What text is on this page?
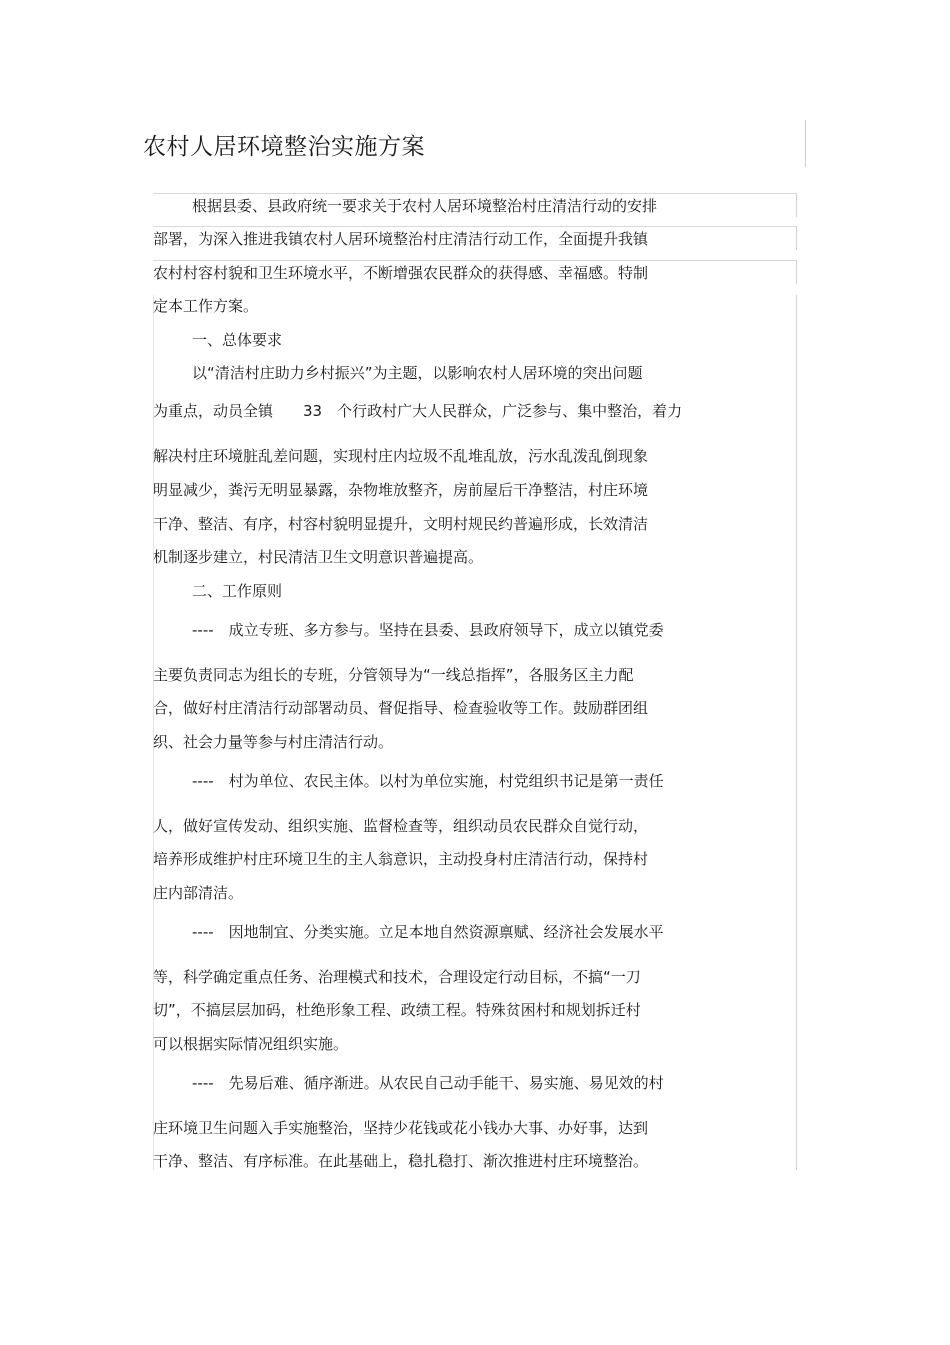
农村人居环境整治实施方案
根据县委、县政府统一要求关于农村人居环境整治村庄清洁行动的安排
部署，为深入推进我镇农村人居环境整治村庄清洁行动工作，全面提升我镇
农村村容村貌和卫生环境水平，不断增强农民群众的获得感、幸福感。特制
定本工作方案。
一、总体要求
以“清洁村庄助力乡村振兴”为主题，以影响农村人居环境的突出问题
为重点，动员全镇　　33　个行政村广大人民群众，广泛参与、集中整治，着力
解决村庄环境脏乱差问题，实现村庄内垃圾不乱堆乱放，污水乱泼乱倒现象
明显减少，粪污无明显暴露，杂物堆放整齐，房前屋后干净整洁，村庄环境
干净、整洁、有序，村容村貌明显提升，文明村规民约普遍形成，长效清洁
机制逐步建立，村民清洁卫生文明意识普遍提高。
二、工作原则
----　成立专班、多方参与。坚持在县委、县政府领导下，成立以镇党委
主要负责同志为组长的专班，分管领导为“一线总指挥”，各服务区主力配
合，做好村庄清洁行动部署动员、督促指导、检查验收等工作。鼓励群团组
织、社会力量等参与村庄清洁行动。
----　村为单位、农民主体。以村为单位实施，村党组织书记是第一责任
人，做好宣传发动、组织实施、监督检查等，组织动员农民群众自觉行动，
培养形成维护村庄环境卫生的主人翁意识，主动投身村庄清洁行动，保持村
庄内部清洁。
----　因地制宜、分类实施。立足本地自然资源禀赋、经济社会发展水平
等，科学确定重点任务、治理模式和技术，合理设定行动目标，不搞“一刀
切”，不搞层层加码，杜绝形象工程、政绩工程。特殊贫困村和规划拆迁村
可以根据实际情况组织实施。
----　先易后难、循序渐进。从农民自己动手能干、易实施、易见效的村
庄环境卫生问题入手实施整治，坚持少花钱或花小钱办大事、办好事，达到
干净、整洁、有序标准。在此基础上，稳扎稳打、渐次推进村庄环境整治。
